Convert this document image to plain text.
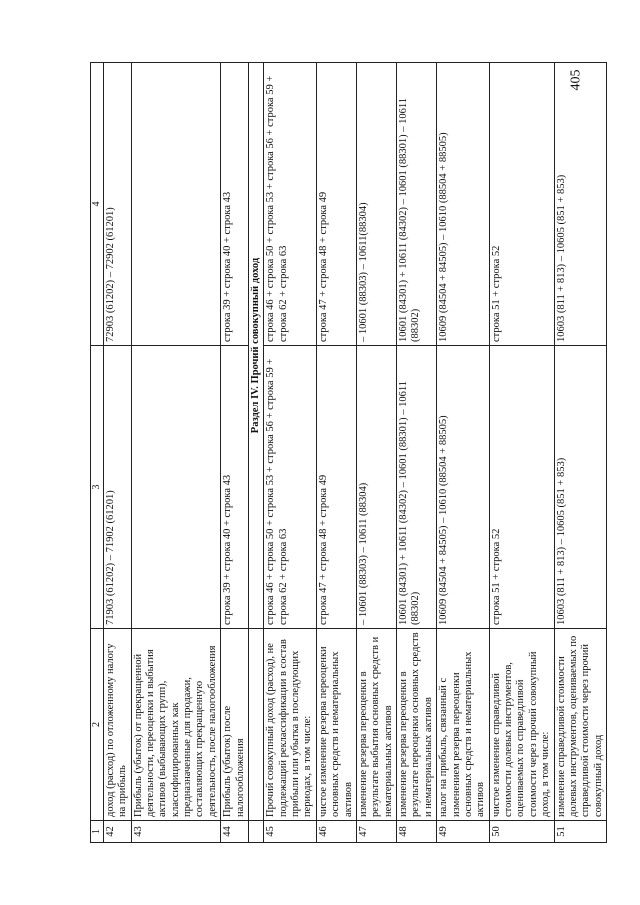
405
1	2	3	4
42	доход (расход) по отложенному налогу на прибыль	71903 (61202) – 71902 (61201)	72903 (61202) – 72902 (61201)
43	Прибыль (убыток) от прекращенной деятельности, переоценки и выбытия активов (выбывающих групп), классифицированных как предназначенные для продажи, составляющих прекращенную деятельность, после налогообложения		
44	Прибыль (убыток) после налогообложения	строка 39 + строка 40 + строка 43	строка 39 + строка 40 + строка 43
		Раздел IV. Прочий совокупный доход	
45	Прочий совокупный доход (расход), не подлежащий реклассификации в состав прибыли или убытка в последующих периодах, в том числе:	строка 46 + строка 50 + строка 53 + строка 56 + строка 59 + строка 62 + строка 63	строка 46 + строка 50 + строка 53 + строка 56 + строка 59 + строка 62 + строка 63
46	чистое изменение резерва переоценки основных средств и нематериальных активов	строка 47 + строка 48 + строка 49	строка 47 + строка 48 + строка 49
47	изменение резерва переоценки в результате выбытия основных средств и нематериальных активов	– 10601 (88303) – 10611 (88304)	– 10601 (88303) – 10611(88304)
48	изменение резерва переоценки в результате переоценки основных средств и нематериальных активов	10601 (84301) + 10611 (84302) – 10601 (88301) – 10611 (88302)	10601 (84301) + 10611 (84302) – 10601 (88301) – 10611 (88302)
49	налог на прибыль, связанный с изменением резерва переоценки основных средств и нематериальных активов	10609 (84504 + 84505) – 10610 (88504 + 88505)	10609 (84504 + 84505) – 10610 (88504 + 88505)
50	чистое изменение справедливой стоимости долевых инструментов, оцениваемых по справедливой стоимости через прочий совокупный доход, в том числе:	строка 51 + строка 52	строка 51 + строка 52
51	изменение справедливой стоимости долевых инструментов, оцениваемых по справедливой стоимости через прочий совокупный доход	10603 (811 + 813) – 10605 (851 + 853)	10603 (811 + 813) – 10605 (851 + 853)
